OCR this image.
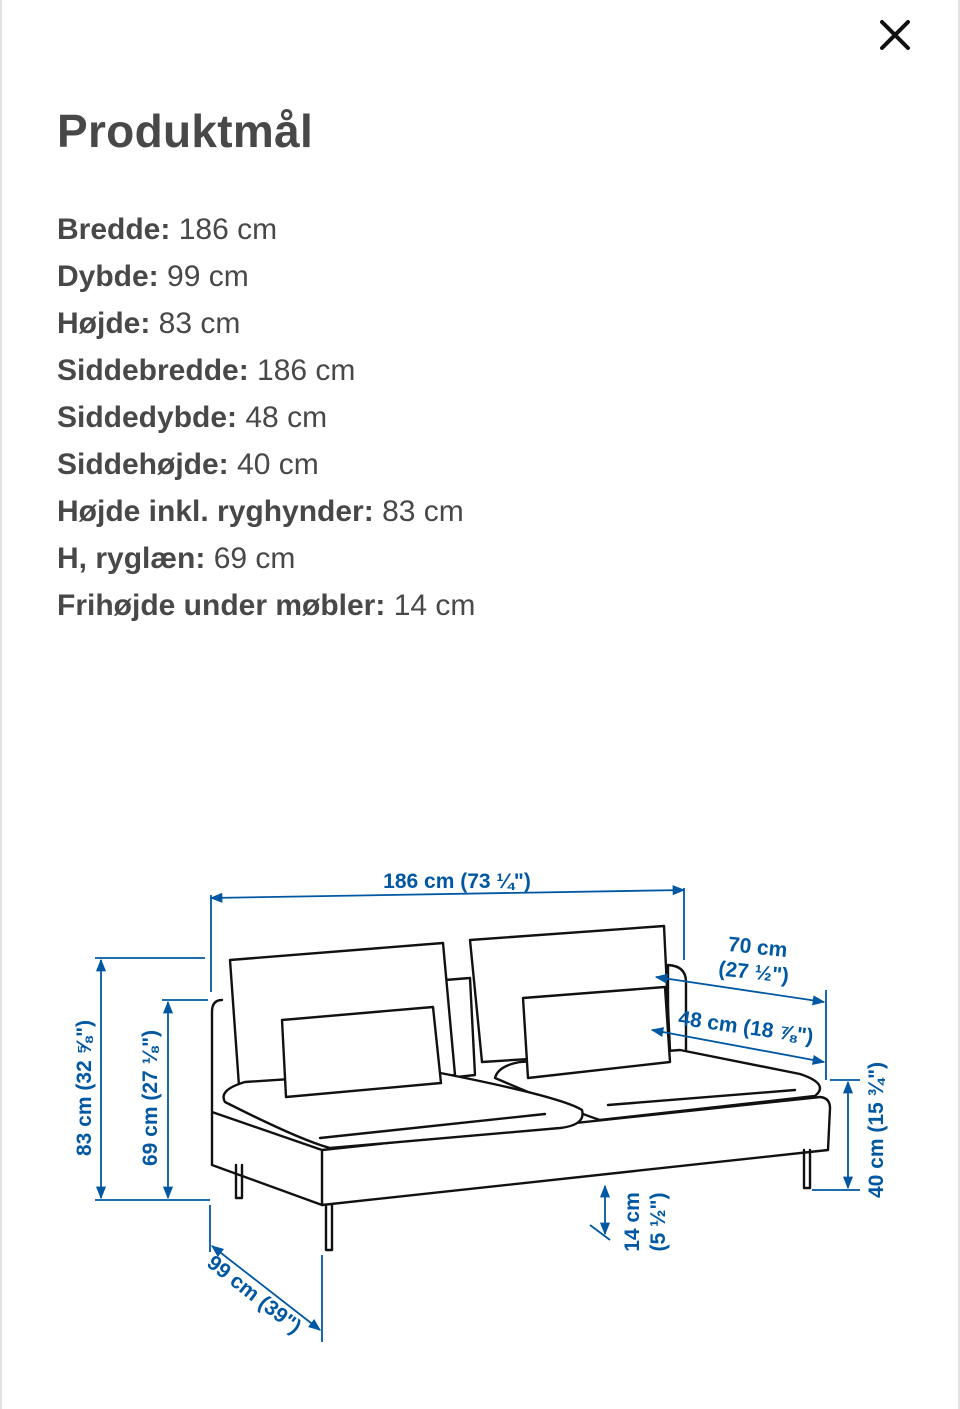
Produktmål
Bredde: 186 cm
Dybde: 99 cm
Højde: 83 cm
Siddebredde: 186 cm
Siddedybde: 48 cm
Siddehøjde: 40 cm
Højde inkl. ryghynder: 83 cm
H, ryglæn: 69 cm
Frihøjde under møbler: 14 cm
186 cm (73 ¼")
83 cm (32 ⅝") 69 cm (27 ⅛")
99 cm (39")
14 cm (5 ½")
40 cm (15 ¾")
70 cm
(27 ½")
48 cm (18 ⅞")
